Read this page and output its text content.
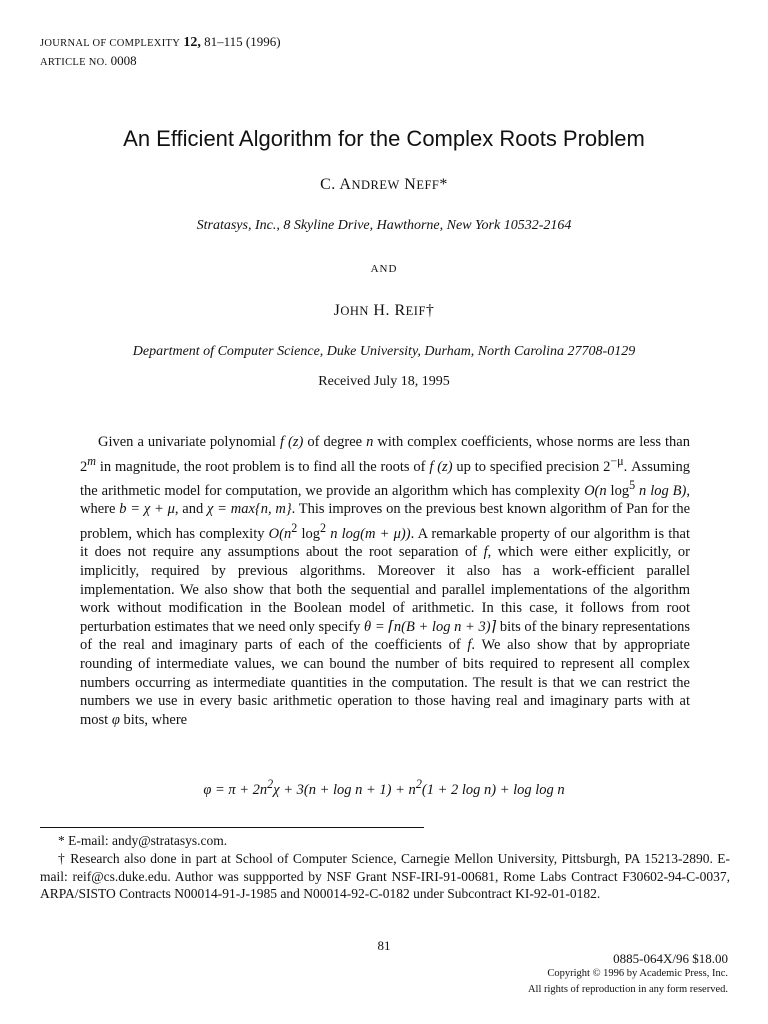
JOURNAL OF COMPLEXITY 12, 81–115 (1996)
ARTICLE NO. 0008
An Efficient Algorithm for the Complex Roots Problem
C. ANDREW NEFF*
Stratasys, Inc., 8 Skyline Drive, Hawthorne, New York 10532-2164
AND
JOHN H. REIF†
Department of Computer Science, Duke University, Durham, North Carolina 27708-0129
Received July 18, 1995

Given a univariate polynomial f (z) of degree n with complex coefficients, whose norms are less than 2$^m$ in magnitude, the root problem is to find all the roots of f (z) up to specified precision $2^{-\mu}$. Assuming the arithmetic model for computation, we provide an algorithm which has complexity O(n $\log^5 n$ log B), where b = χ + μ, and χ = max{n, m}. This improves on the previous best known algorithm of Pan for the problem, which has complexity $O(n^2$ $\log^2 n$ log(m + μ)). A remarkable property of our algorithm is that it does not require any assumptions about the root separation of f, which were either explicitly, or implicitly, required by previous algorithms. Moreover it also has a work-efficient parallel implementation. We also show that both the sequential and parallel implementations of the algorithm work without modification in the Boolean model of arithmetic. In this case, it follows from root perturbation estimates that we need only specify θ = ⌈n(B + log n + 3)⌉ bits of the binary representations of the real and imaginary parts of each of the coefficients of f. We also show that by appropriate rounding of intermediate values, we can bound the number of bits required to represent all complex numbers occurring as intermediate quantities in the computation. The result is that we can restrict the numbers we use in every basic arithmetic operation to those having real and imaginary parts with at most φ bits, where

$\varphi = \pi + 2n^2\chi + 3(n + \log n + 1) + n^2(1 + 2$ log n) + log log n
* E-mail: andy@stratasys.com.
† Research also done in part at School of Computer Science, Carnegie Mellon University, Pittsburgh, PA 15213-2890. E-mail: reif@cs.duke.edu. Author was suppported by NSF Grant NSF-IRI-91-00681, Rome Labs Contract F30602-94-C-0037, ARPA/SISTO Contracts N00014-91-J-1985 and N00014-92-C-0182 under Subcontract KI-92-01-0182.
81
0885-064X/96 $18.00
Copyright © 1996 by Academic Press, Inc.
All rights of reproduction in any form reserved.
